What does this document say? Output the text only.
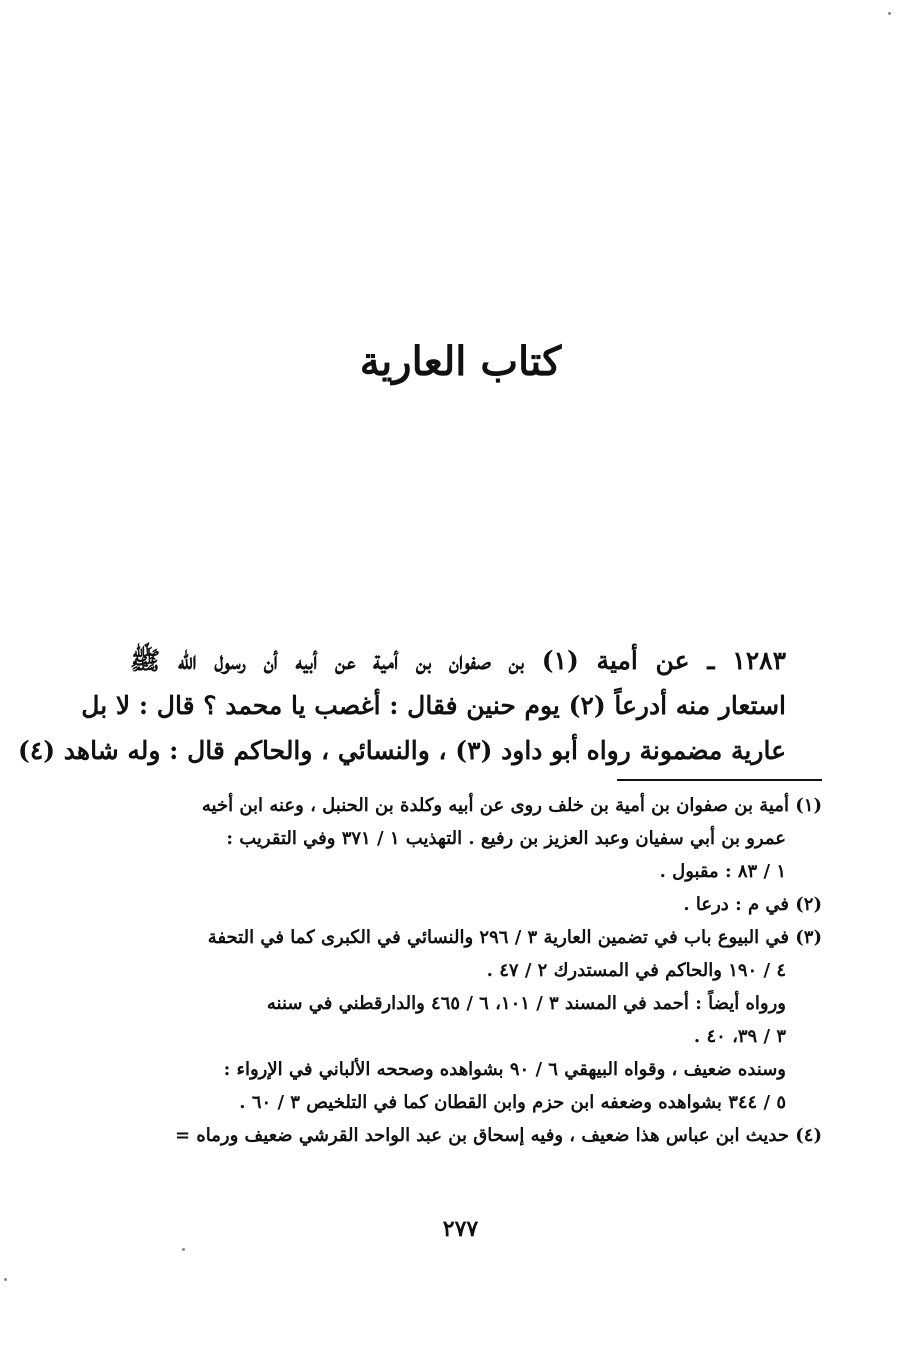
كتاب العارية
١٢٨٣ ـ عن أمية (١) بن صفوان بن أمية عن أبيه أن رسول الله ﷺ
استعار منه أدرعاً (٢) يوم حنين فقال : أغصب يا محمد ؟ قال : لا بل
عارية مضمونة رواه أبو داود (٣) ، والنسائي ، والحاكم قال : وله شاهد (٤)
(١) أمية بن صفوان بن أمية بن خلف روى عن أبيه وكلدة بن الحنبل ، وعنه ابن أخيه
عمرو بن أبي سفيان وعبد العزيز بن رفيع . التهذيب ١ / ٣٧١ وفي التقريب :
١ / ٨٣ : مقبول .
(٢) في م : درعا .
(٣) في البيوع باب في تضمين العارية ٣ / ٢٩٦ والنسائي في الكبرى كما في التحفة
٤ / ١٩٠ والحاكم في المستدرك ٢ / ٤٧ .
ورواه أيضاً : أحمد في المسند ٣ / ١٠١، ٦ / ٤٦٥ والدارقطني في سننه
٣ / ٣٩، ٤٠ .
وسنده ضعيف ، وقواه البيهقي ٦ / ٩٠ بشواهده وصححه الألباني في الإرواء :
٥ / ٣٤٤ بشواهده وضعفه ابن حزم وابن القطان كما في التلخيص ٣ / ٦٠ .
(٤) حديث ابن عباس هذا ضعيف ، وفيه إسحاق بن عبد الواحد القرشي ضعيف ورماه =
٢٧٧
